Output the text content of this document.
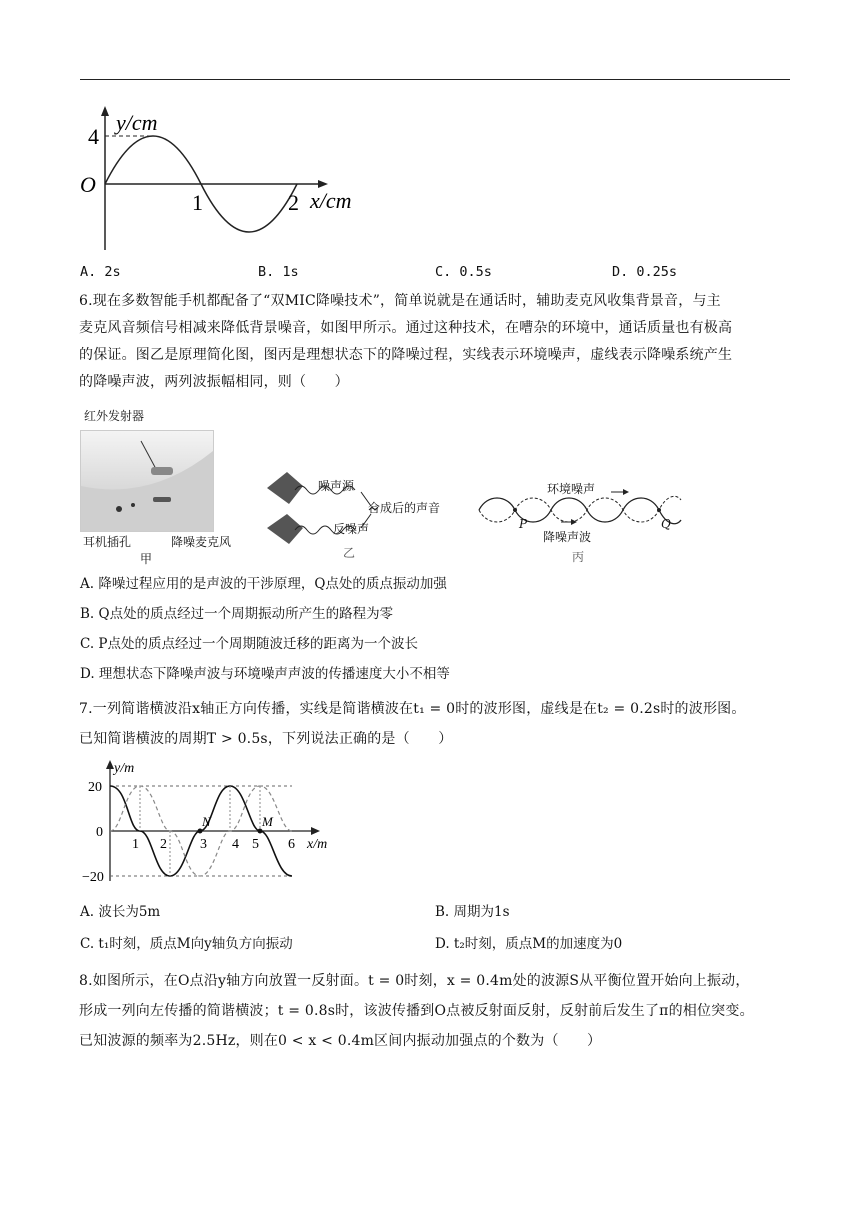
4
y/cm
O
1	2 x/cm
A. 2s	B. 1s	C. 0.5s	D. 0.25s
6.现在多数智能手机都配备了“双MIC降噪技术”，简单说就是在通话时，辅助麦克风收集背景音，与主
麦克风音频信号相减来降低背景噪音，如图甲所示。通过这种技术，在嘈杂的环境中，通话质量也有极高
的保证。图乙是原理简化图，图丙是理想状态下的降噪过程，实线表示环境噪声，虚线表示降噪系统产生
的降噪声波，两列波振幅相同，则（　　）
红外发射器
耳机插孔	降噪麦克风
甲
噪声源
合成后的声音
反噪声
乙
环境噪声
P	Q
降噪声波
丙
A. 降噪过程应用的是声波的干涉原理，Q点处的质点振动加强
B. Q点处的质点经过一个周期振动所产生的路程为零
C. P点处的质点经过一个周期随波迁移的距离为一个波长
D. 理想状态下降噪声波与环境噪声声波的传播速度大小不相等
7.一列简谐横波沿x轴正方向传播，实线是简谐横波在t₁ = 0时的波形图，虚线是在t₂ = 0.2s时的波形图。
已知简谐横波的周期T > 0.5s，下列说法正确的是（　　）
y/m
20
0
−20
1 2 3 4 5 6 x/m
N	M
A. 波长为5m	B. 周期为1s
C. t₁时刻，质点M向y轴负方向振动	D. t₂时刻，质点M的加速度为0
8.如图所示，在O点沿y轴方向放置一反射面。t = 0时刻，x = 0.4m处的波源S从平衡位置开始向上振动，
形成一列向左传播的简谐横波；t = 0.8s时，该波传播到O点被反射面反射，反射前后发生了π的相位突变。
已知波源的频率为2.5Hz，则在0 < x < 0.4m区间内振动加强点的个数为（　　）
